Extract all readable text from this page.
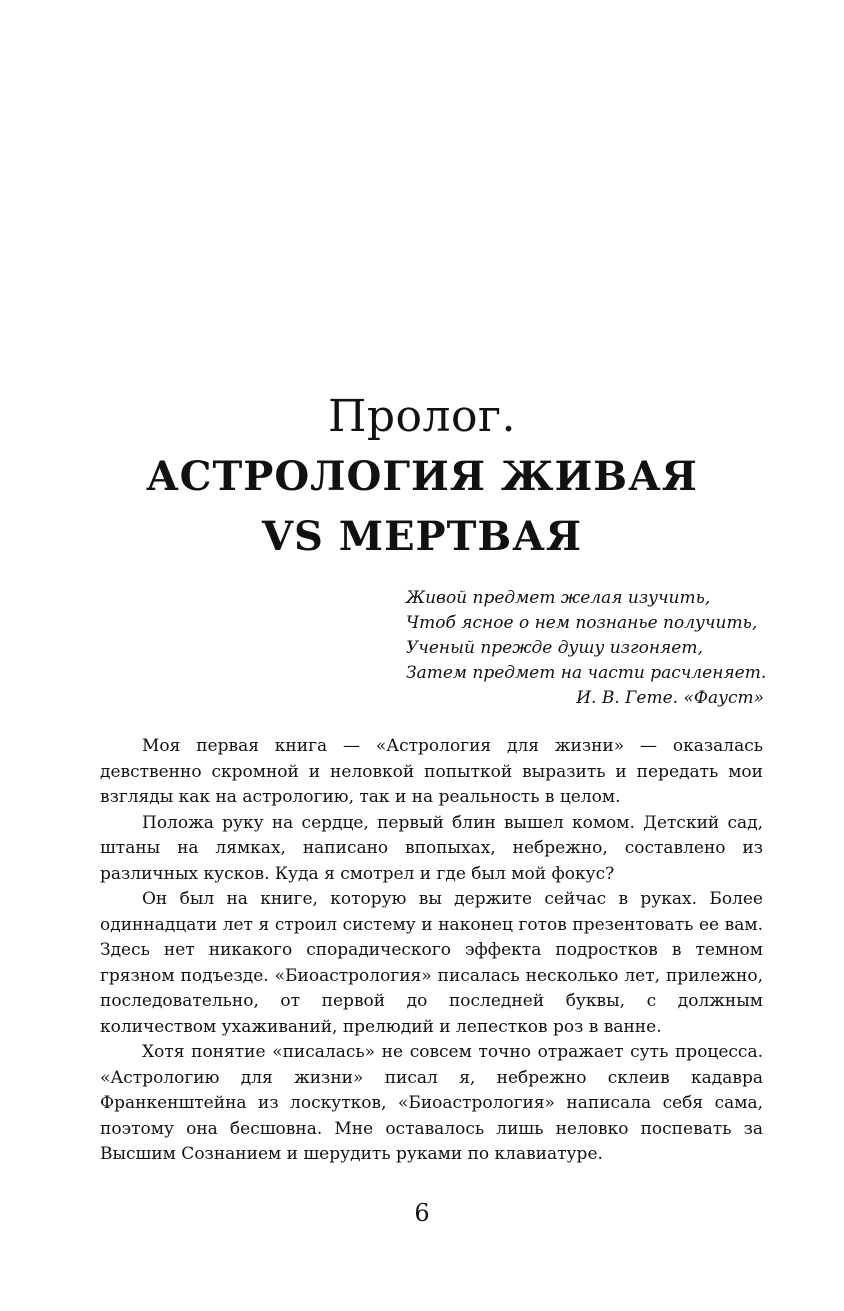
Пролог.
АСТРОЛОГИЯ ЖИВАЯ
VS МЕРТВАЯ
Живой предмет желая изучить,
Чтоб ясное о нем познанье получить,
Ученый прежде душу изгоняет,
Затем предмет на части расчленяет.
И. В. Гете. «Фауст»

Моя первая книга — «Астрология для жизни» — оказалась девственно скромной и неловкой попыткой выразить и передать мои взгляды как на астрологию, так и на реальность в целом.

Положа руку на сердце, первый блин вышел комом. Детский сад, штаны на лямках, написано впопыхах, небрежно, составлено из различных кусков. Куда я смотрел и где был мой фокус?

Он был на книге, которую вы держите сейчас в руках. Более одиннадцати лет я строил систему и наконец готов презентовать ее вам. Здесь нет никакого спорадического эффекта подростков в темном грязном подъезде. «Биоастрология» писалась несколько лет, прилежно, последовательно, от первой до последней буквы, с должным количеством ухаживаний, прелюдий и лепестков роз в ванне.

Хотя понятие «писалась» не совсем точно отражает суть процесса. «Астрологию для жизни» писал я, небрежно склеив кадавра Франкенштейна из лоскутков, «Биоастрология» написала себя сама, поэтому она бесшовна. Мне оставалось лишь неловко поспевать за Высшим Сознанием и шерудить руками по клавиатуре.

6
